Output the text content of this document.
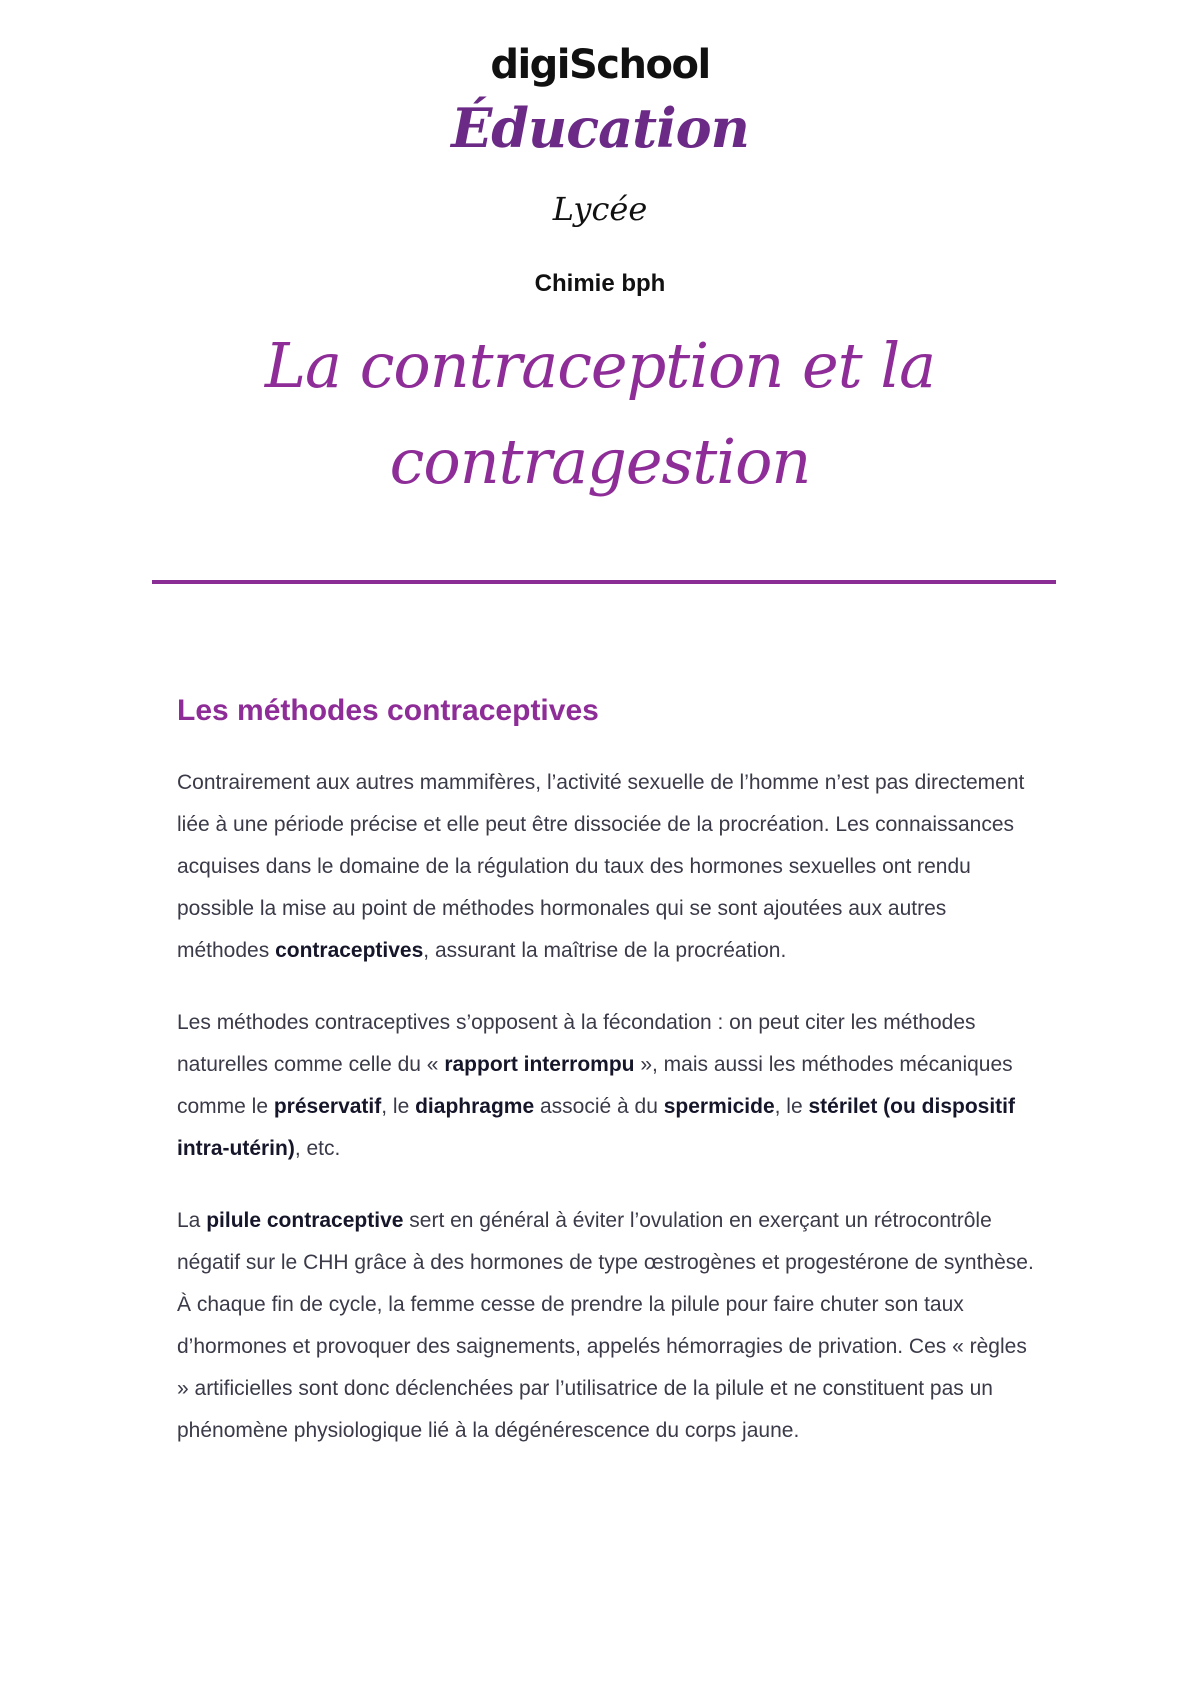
digiSchool
Éducation
Lycée
Chimie bph
La contraception et la contragestion
Les méthodes contraceptives

Contrairement aux autres mammifères, l’activité sexuelle de l’homme n’est pas directement liée à une période précise et elle peut être dissociée de la procréation. Les connaissances acquises dans le domaine de la régulation du taux des hormones sexuelles ont rendu possible la mise au point de méthodes hormonales qui se sont ajoutées aux autres méthodes contraceptives, assurant la maîtrise de la procréation.

Les méthodes contraceptives s’opposent à la fécondation : on peut citer les méthodes naturelles comme celle du « rapport interrompu », mais aussi les méthodes mécaniques comme le préservatif, le diaphragme associé à du spermicide, le stérilet (ou dispositif intra-utérin), etc.

La pilule contraceptive sert en général à éviter l’ovulation en exerçant un rétrocontrôle négatif sur le CHH grâce à des hormones de type œstrogènes et progestérone de synthèse. À chaque fin de cycle, la femme cesse de prendre la pilule pour faire chuter son taux d’hormones et provoquer des saignements, appelés hémorragies de privation. Ces « règles » artificielles sont donc déclenchées par l’utilisatrice de la pilule et ne constituent pas un phénomène physiologique lié à la dégénérescence du corps jaune.
